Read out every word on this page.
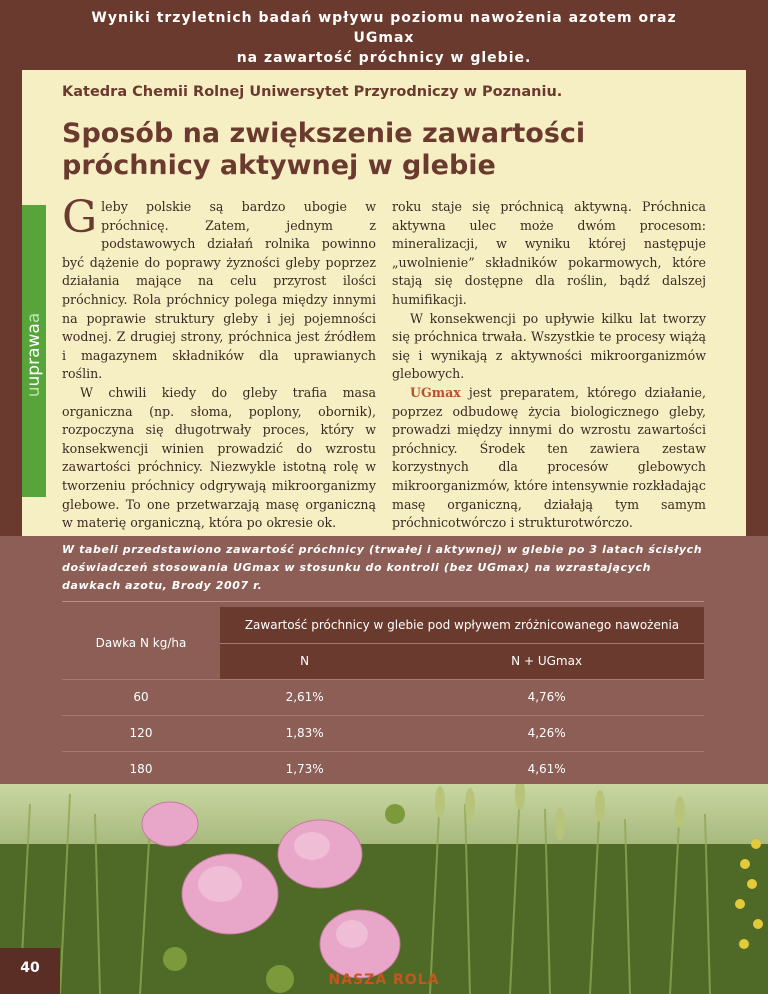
Wyniki trzyletnich badań wpływu poziomu nawożenia azotem oraz UGmax
na zawartość próchnicy w glebie.
uuprawaa
Katedra Chemii Rolnej Uniwersytet Przyrodniczy w Poznaniu.
Sposób na zwiększenie zawartości
próchnicy aktywnej w glebie

Gleby polskie są bardzo ubogie w próchnicę. Zatem, jednym z podstawowych działań rolnika powinno być dążenie do poprawy żyzności gleby poprzez działania mające na celu przyrost ilości próchnicy. Rola próchnicy polega między innymi na poprawie struktury gleby i jej pojemności wodnej. Z drugiej strony, próchnica jest źródłem i magazynem składników dla uprawianych roślin.

W chwili kiedy do gleby trafia masa organiczna (np. słoma, poplony, obornik), rozpoczyna się długotrwały proces, który w konsekwencji winien prowadzić do wzrostu zawartości próchnicy. Niezwykle istotną rolę w tworzeniu próchnicy odgrywają mikroorganizmy glebowe. To one przetwarzają masę organiczną w materię organiczną, która po okresie ok.

roku staje się próchnicą aktywną. Próchnica aktywna ulec może dwóm procesom: mineralizacji, w wyniku której następuje „uwolnienie” składników pokarmowych, które stają się dostępne dla roślin, bądź dalszej humifikacji.

W konsekwencji po upływie kilku lat tworzy się próchnica trwała. Wszystkie te procesy wiążą się i wynikają z aktywności mikroorganizmów glebowych.

UGmax jest preparatem, którego działanie, poprzez odbudowę życia biologicznego gleby, prowadzi między innymi do wzrostu zawartości próchnicy. Środek ten zawiera zestaw korzystnych dla procesów glebowych mikroorganizmów, które intensywnie rozkładając masę organiczną, działają tym samym próchnicotwórczo i strukturotwórczo.

W tabeli przedstawiono zawartość próchnicy (trwałej i aktywnej) w glebie po 3 latach ścisłych doświadczeń stosowania UGmax w stosunku do kontroli (bez UGmax) na wzrastających dawkach azotu, Brody 2007 r.
Dawka N kg/ha	Zawartość próchnicy w glebie pod wpływem zróżnicowanego nawożenia	
	N	N + UGmax
60	2,61%	4,76%
120	1,83%	4,26%
180	1,73%	4,61%
40
NASZA ROLA
